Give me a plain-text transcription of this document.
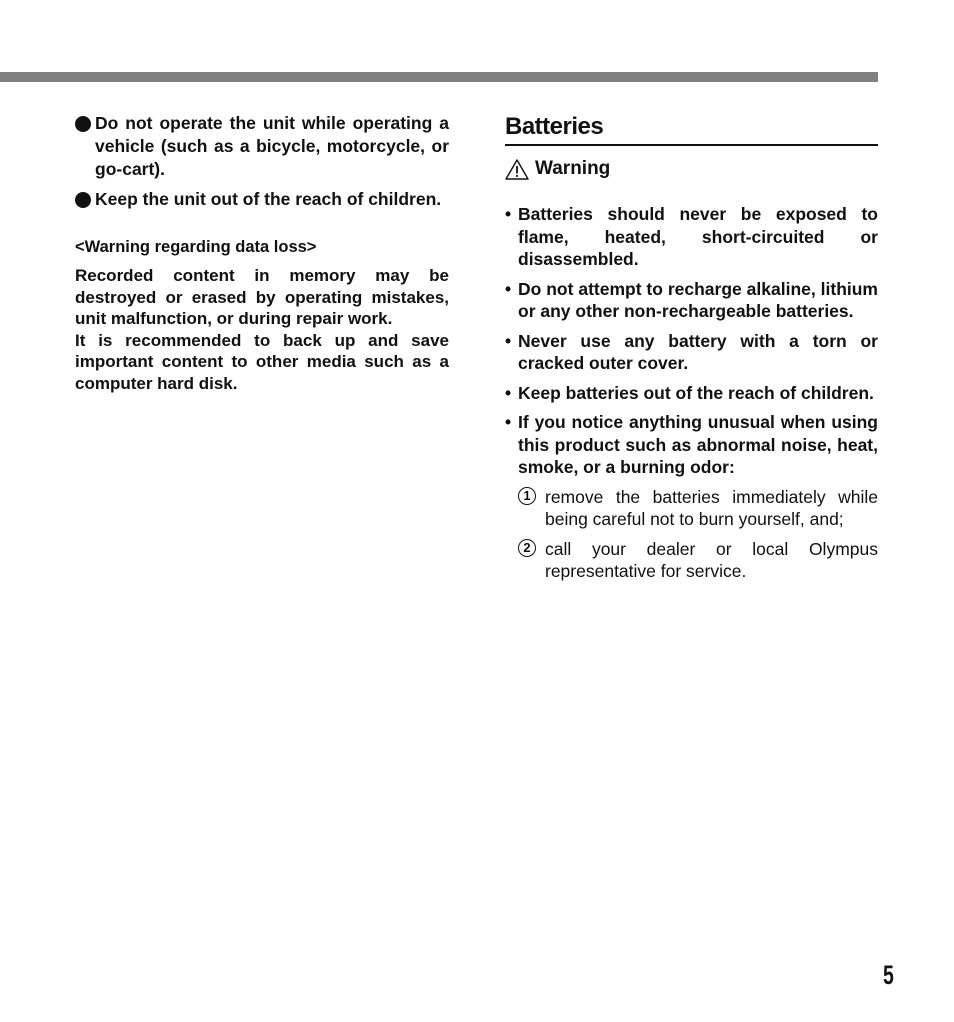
Do not operate the unit while operating a vehicle (such as a bicycle, motorcycle, or go-cart).
Keep the unit out of the reach of children.
<Warning regarding data loss>
Recorded content in memory may be destroyed or erased by operating mistakes, unit malfunction, or during repair work.
It is recommended to back up and save important content to other media such as a computer hard disk.
Batteries
Warning
• Batteries should never be exposed to flame, heated, short-circuited or disassembled.
• Do not attempt to recharge alkaline, lithium or any other non-rechargeable batteries.
• Never use any battery with a torn or cracked outer cover.
• Keep batteries out of the reach of children.
• If you notice anything unusual when using this product such as abnormal noise, heat, smoke, or a burning odor:
1 remove the batteries immediately while being careful not to burn yourself, and;
2 call your dealer or local Olympus representative for service.
5
